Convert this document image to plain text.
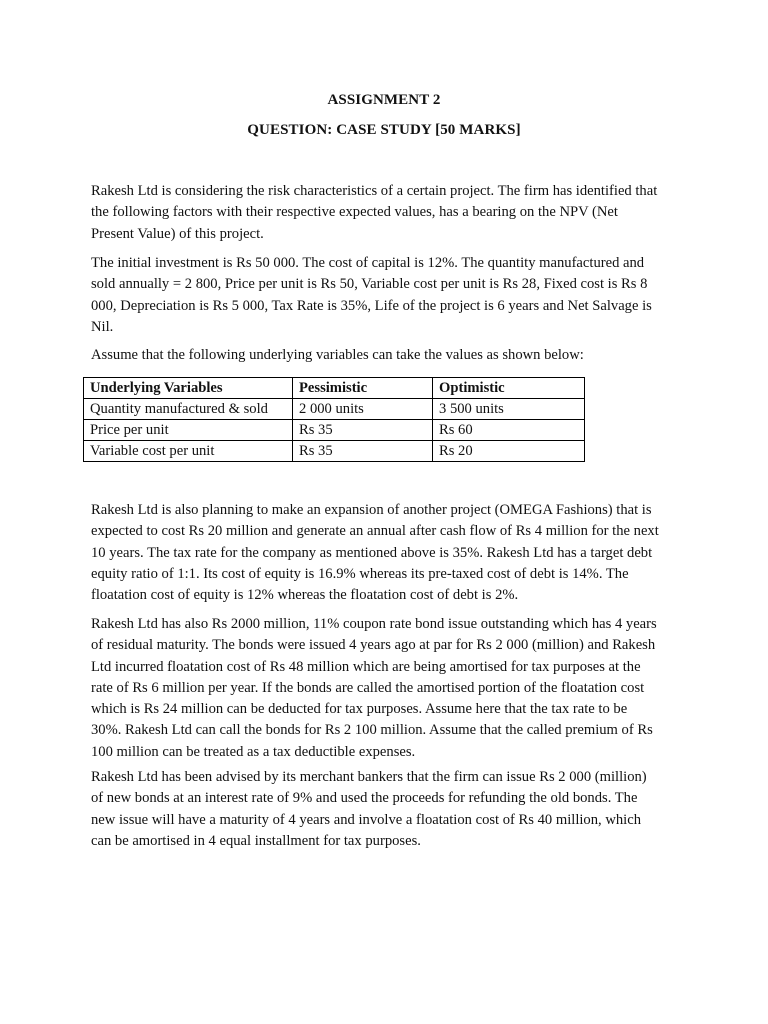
ASSIGNMENT 2
QUESTION: CASE STUDY [50 MARKS]
Rakesh Ltd is considering the risk characteristics of a certain project. The firm has identified that
the following factors with their respective expected values, has a bearing on the NPV (Net
Present Value) of this project.
The initial investment is Rs 50 000. The cost of capital is 12%. The quantity manufactured and
sold annually = 2 800, Price per unit is Rs 50, Variable cost per unit is Rs 28, Fixed cost is Rs 8
000, Depreciation is Rs 5 000, Tax Rate is 35%, Life of the project is 6 years and Net Salvage is
Nil.
Assume that the following underlying variables can take the values as shown below:
Underlying Variables	Pessimistic	Optimistic
Quantity manufactured & sold	2 000 units	3 500 units
Price per unit	Rs 35	Rs 60
Variable cost per unit	Rs 35	Rs 20
Rakesh Ltd is also planning to make an expansion of another project (OMEGA Fashions) that is
expected to cost Rs 20 million and generate an annual after cash flow of Rs 4 million for the next
10 years. The tax rate for the company as mentioned above is 35%. Rakesh Ltd has a target debt
equity ratio of 1:1. Its cost of equity is 16.9% whereas its pre-taxed cost of debt is 14%. The
floatation cost of equity is 12% whereas the floatation cost of debt is 2%.
Rakesh Ltd has also Rs 2000 million, 11% coupon rate bond issue outstanding which has 4 years
of residual maturity. The bonds were issued 4 years ago at par for Rs 2 000 (million) and Rakesh
Ltd incurred floatation cost of Rs 48 million which are being amortised for tax purposes at the
rate of Rs 6 million per year. If the bonds are called the amortised portion of the floatation cost
which is Rs 24 million can be deducted for tax purposes. Assume here that the tax rate to be
30%. Rakesh Ltd can call the bonds for Rs 2 100 million. Assume that the called premium of Rs
100 million can be treated as a tax deductible expenses.
Rakesh Ltd has been advised by its merchant bankers that the firm can issue Rs 2 000 (million)
of new bonds at an interest rate of 9% and used the proceeds for refunding the old bonds. The
new issue will have a maturity of 4 years and involve a floatation cost of Rs 40 million, which
can be amortised in 4 equal installment for tax purposes.
